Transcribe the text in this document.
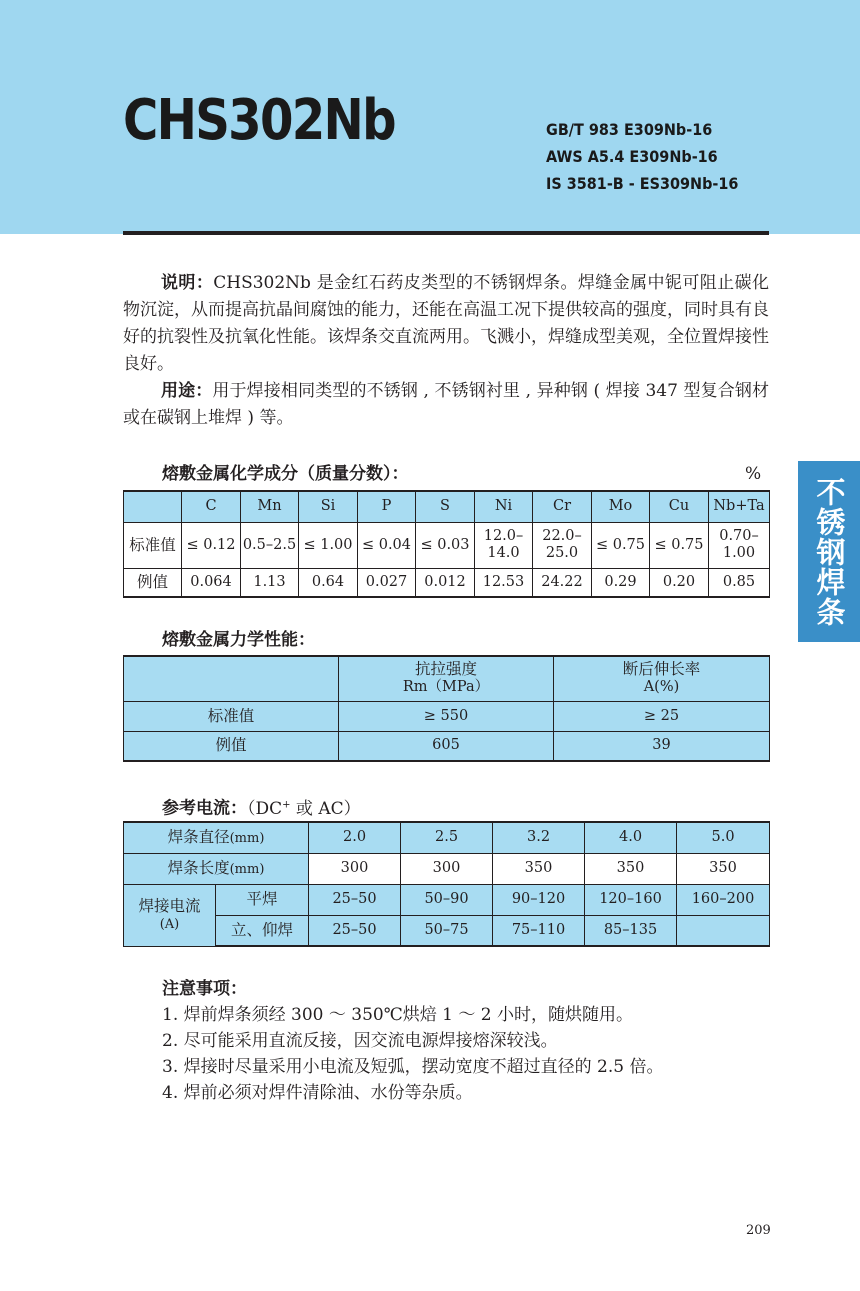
CHS302Nb	GB/T 983 E309Nb-16
AWS A5.4 E309Nb-16
IS 3581-B - ES309Nb-16
不锈钢焊条

说明：CHS302Nb 是金红石药皮类型的不锈钢焊条。焊缝金属中铌可阻止碳化物沉淀，从而提高抗晶间腐蚀的能力，还能在高温工况下提供较高的强度，同时具有良好的抗裂性及抗氧化性能。该焊条交直流两用。飞溅小，焊缝成型美观，全位置焊接性良好。

用途：用于焊接相同类型的不锈钢 , 不锈钢衬里 , 异种钢 ( 焊接 347 型复合钢材或在碳钢上堆焊 ) 等。

熔敷金属化学成分（质量分数）：	%
	C	Mn	Si	P	S	Ni	Cr	Mo	Cu	Nb+Ta
标准值	≤ 0.12	0.5–2.5	≤ 1.00	≤ 0.04	≤ 0.03	12.0–
14.0	22.0–
25.0	≤ 0.75	≤ 0.75	0.70–
1.00
例值	0.064	1.13	0.64	0.027	0.012	12.53	24.22	0.29	0.20	0.85
熔敷金属力学性能：
	抗拉强度
Rm（MPa）	断后伸长率
A(%)
标准值	≥ 550	≥ 25
例值	605	39
参考电流：（DC+ 或 AC）
焊条直径(mm)		2.0	2.5	3.2	4.0	5.0
焊条长度(mm)		300	300	350	350	350
焊接电流
(A)	平焊	25–50	50–90	90–120	120–160	160–200
	立、仰焊	25–50	50–75	75–110	85–135	
注意事项：
1. 焊前焊条须经 300 ～ 350℃烘焙 1 ～ 2 小时，随烘随用。
2. 尽可能采用直流反接，因交流电源焊接熔深较浅。
3. 焊接时尽量采用小电流及短弧，摆动宽度不超过直径的 2.5 倍。
4. 焊前必须对焊件清除油、水份等杂质。
209
